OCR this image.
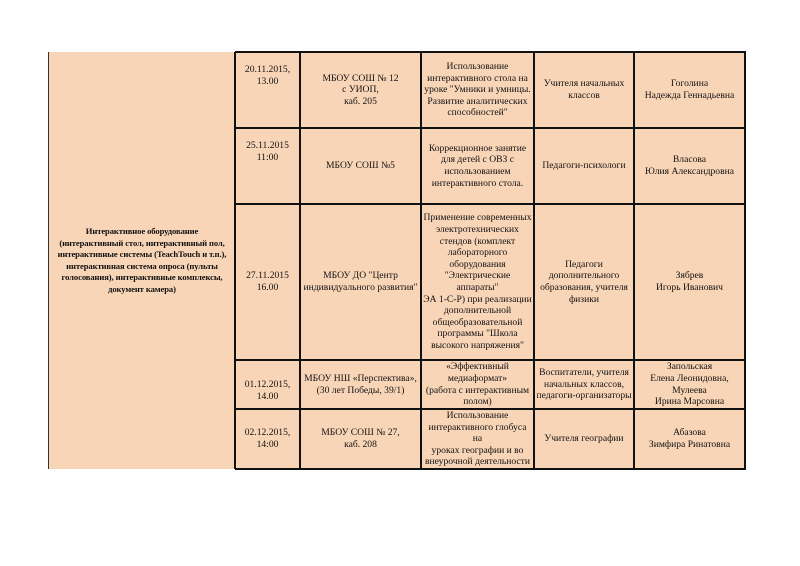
Интерактивное оборудование
(интерактивный стол, интерактивный пол,
интерактивные системы (TeachTouch и т.п.),
интерактивная система опроса (пульты
голосования), интерактивные комплексы,
документ камера)
20.11.2015,
13.00	МБОУ СОШ № 12
с УИОП,
каб. 205
Использование
интерактивного стола на
уроке "Умники и умницы.
Развитие аналитических
способностей"
Учителя начальных
классов
Гоголина
Надежда Геннадьевна
25.11.2015
11:00
МБОУ СОШ №5
Коррекционное занятие
для детей с ОВЗ с
использованием
интерактивного стола.
Педагоги-психологи
Власова
Юлия Александровна
27.11.2015
16.00
МБОУ ДО "Центр
индивидуального развития"
Применение современных
электротехнических
стендов (комплект
лабораторного
оборудования
"Электрические аппараты"
ЭА 1-С-Р) при реализации
дополнительной
общеобразовательной
программы "Школа
высокого напряжения"
Педагоги
дополнительного
образования, учителя
физики
Зябрев
Игорь Иванович
01.12.2015,
14.00
МБОУ НШ «Перспектива»,
(30 лет Победы, 39/1)
«Эффективный
медиаформат»
(работа с интерактивным
полом)
Воспитатели, учителя
начальных классов,
педагоги-организаторы
Запольская
Елена Леонидовна,
Мулеева
Ирина Марсовна
02.12.2015,
14:00
МБОУ СОШ № 27,
каб. 208
Использование
интерактивного глобуса на
уроках географии и во
внеурочной деятельности
Учителя географии
Абазова
Зимфира Ринатовна
